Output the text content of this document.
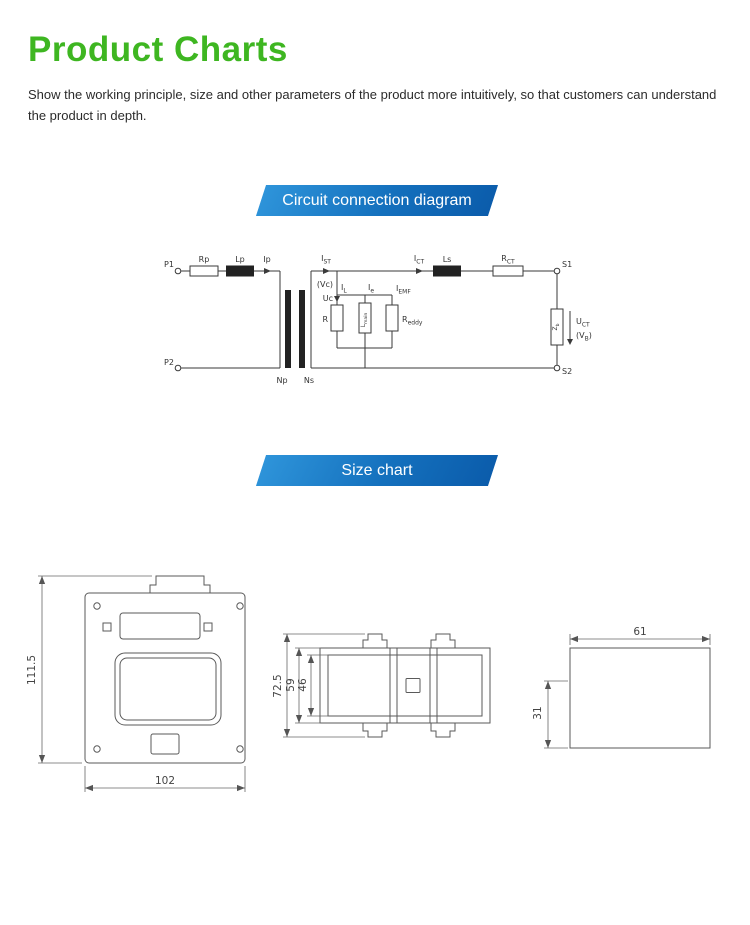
Product Charts
Show the working principle, size and other parameters of the product more intuitively, so that customers can understand the product in depth.
Circuit connection diagram
P1
P2
Rp	Lp Ip
Np Ns
(Vc)
Uc
$I_{ST}$
$I_L$	$I_e$	$I_{EMF}$
R
$L_{main}$	$R_{eddy}$
$I_{CT}$ Ls	$R_{CT}$	S1
S2
$Z_b$ $U_{CT}$
$(V_B)$
Size chart
111.5
102
72.5 59 46
61
31
